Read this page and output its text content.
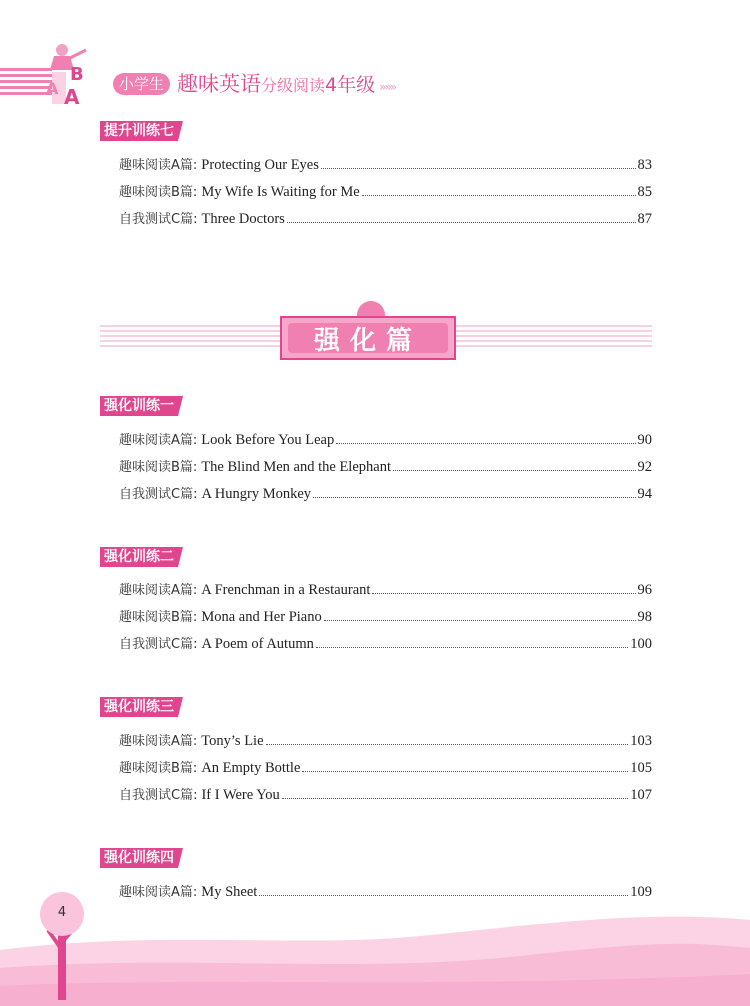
B
A A
小学生 趣味英语分级阅读4年级 »»»
提升训练七
趣味阅读A篇 : Protecting Our Eyes	83
趣味阅读B篇 : My Wife Is Waiting for Me	85
自我测试C篇 : Three Doctors	87
强化篇
强化训练一
趣味阅读A篇 : Look Before You Leap	90
趣味阅读B篇 : The Blind Men and the Elephant	92
自我测试C篇 : A Hungry Monkey	94
强化训练二
趣味阅读A篇 : A Frenchman in a Restaurant	96
趣味阅读B篇 : Mona and Her Piano	98
自我测试C篇 : A Poem of Autumn	100
强化训练三
趣味阅读A篇 : Tony’s Lie	103
趣味阅读B篇 : An Empty Bottle	105
自我测试C篇 : If I Were You	107
强化训练四
趣味阅读A篇 : My Sheet	109
4
